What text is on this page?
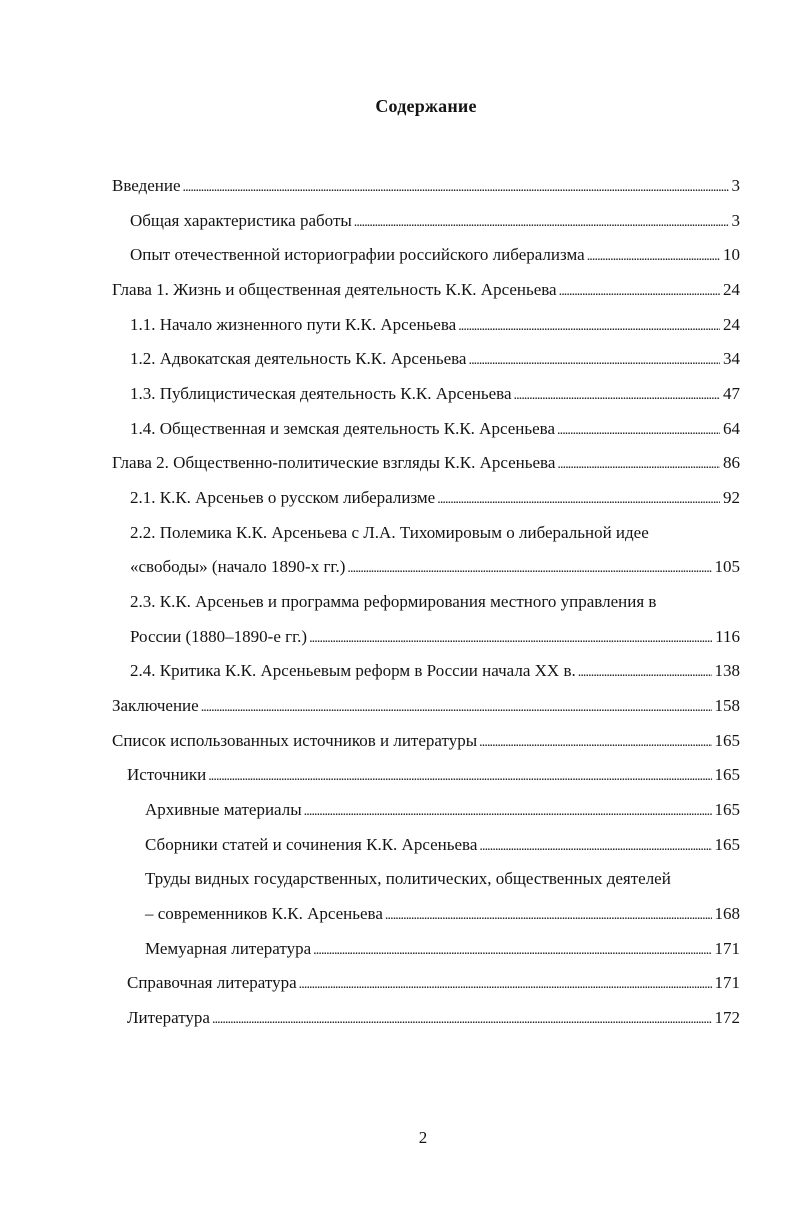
Содержание
Введение . . .	3
Общая характеристика работы . . .	3
Опыт отечественной историографии российского либерализма . . .	10
Глава 1. Жизнь и общественная деятельность К.К. Арсеньева . . .	24
1.1. Начало жизненного пути К.К. Арсеньева . . .	24
1.2. Адвокатская деятельность К.К. Арсеньева . . .	34
1.3. Публицистическая деятельность К.К. Арсеньева . . .	47
1.4. Общественная и земская деятельность К.К. Арсеньева . . .	64
Глава 2. Общественно-политические взгляды К.К. Арсеньева . . .	86
2.1. К.К. Арсеньев о русском либерализме . . .	92
2.2. Полемика К.К. Арсеньева с Л.А. Тихомировым о либеральной идее
«свободы» (начало 1890-х гг.) . . .	105
2.3. К.К. Арсеньев и программа реформирования местного управления в
России (1880–1890-е гг.) . . .	116
2.4. Критика К.К. Арсеньевым реформ в России начала XX в. . . .	138
Заключение . . .	158
Список использованных источников и литературы . . .	165
Источники . . .	165
Архивные материалы . . .	165
Сборники статей и сочинения К.К. Арсеньева . . .	165
Труды видных государственных, политических, общественных деятелей
– современников К.К. Арсеньева . . .	168
Мемуарная литература . . .	171
Справочная литература . . .	171
Литература . . .	172
2
